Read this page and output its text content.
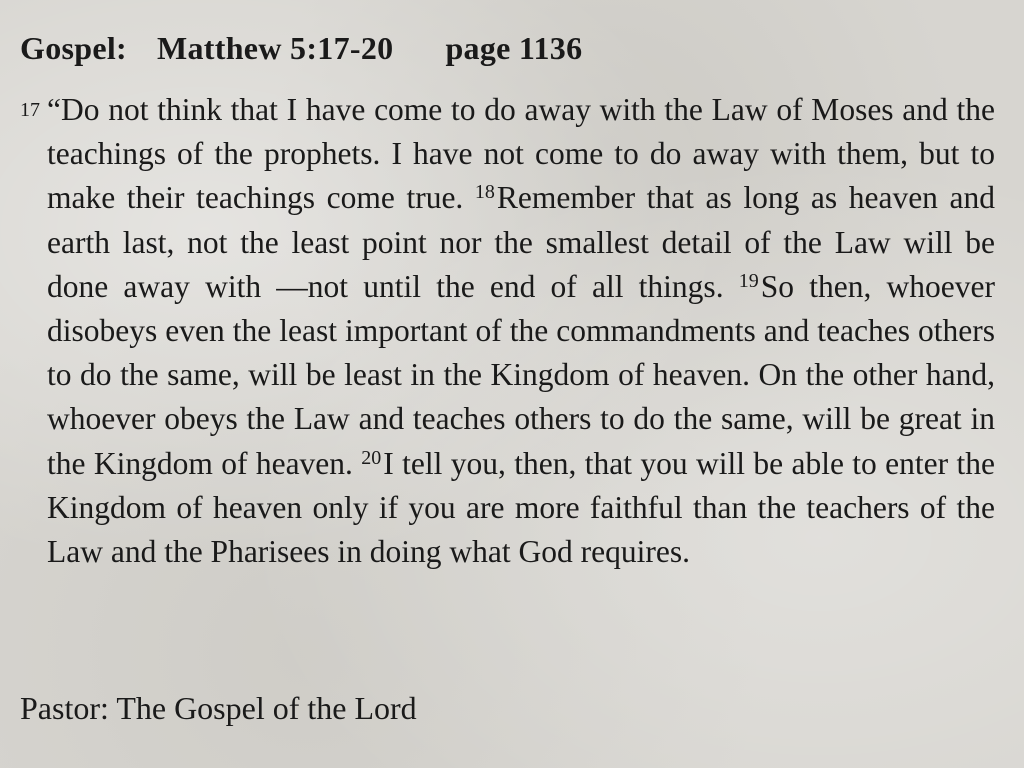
Gospel: Matthew 5:17-20 page 1136
17 “Do not think that I have come to do away with the Law of Moses and the teachings of the prophets. I have not come to do away with them, but to make their teachings come true. $^{18}$Remember that as long as heaven and earth last, not the least point nor the smallest detail of the Law will be done away with —not until the end of all things. $^{19}$So then, whoever disobeys even the least important of the commandments and teaches others to do the same, will be least in the Kingdom of heaven. On the other hand, whoever obeys the Law and teaches others to do the same, will be great in the Kingdom of heaven. $^{20}$I tell you, then, that you will be able to enter the Kingdom of heaven only if you are more faithful than the teachers of the Law and the Pharisees in doing what God requires.
Pastor: The Gospel of the Lord
